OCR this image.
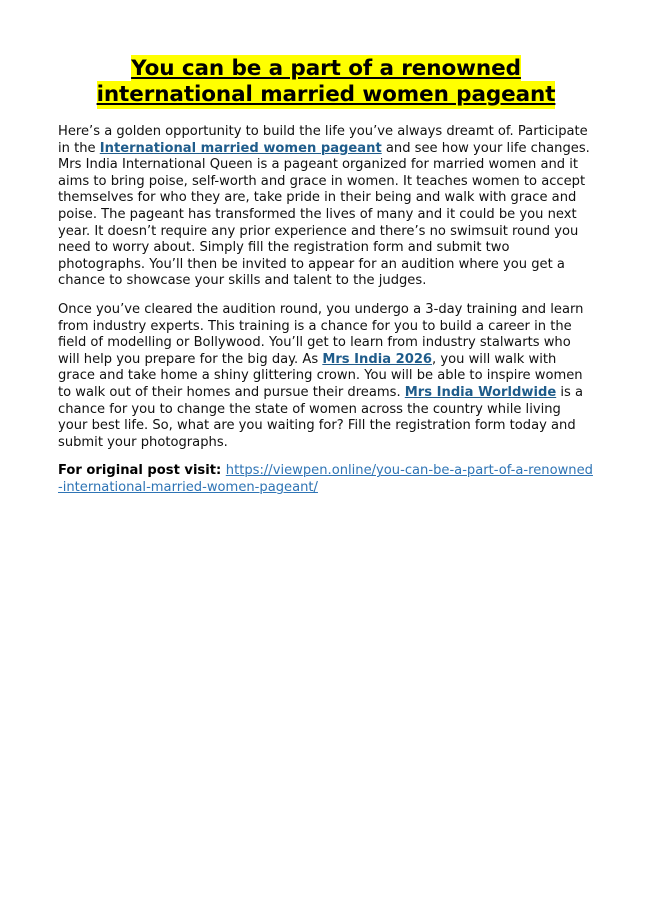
You can be a part of a renowned
international married women pageant

Here’s a golden opportunity to build the life you’ve always dreamt of. Participate in the International married women pageant and see how your life changes. Mrs India International Queen is a pageant organized for married women and it aims to bring poise, self-worth and grace in women. It teaches women to accept themselves for who they are, take pride in their being and walk with grace and poise. The pageant has transformed the lives of many and it could be you next year. It doesn’t require any prior experience and there’s no swimsuit round you need to worry about. Simply fill the registration form and submit two photographs. You’ll then be invited to appear for an audition where you get a chance to showcase your skills and talent to the judges.

Once you’ve cleared the audition round, you undergo a 3-day training and learn from industry experts. This training is a chance for you to build a career in the field of modelling or Bollywood. You’ll get to learn from industry stalwarts who will help you prepare for the big day. As Mrs India 2026, you will walk with grace and take home a shiny glittering crown. You will be able to inspire women to walk out of their homes and pursue their dreams. Mrs India Worldwide is a chance for you to change the state of women across the country while living your best life. So, what are you waiting for? Fill the registration form today and submit your photographs.

For original post visit: https://viewpen.online/you-can-be-a-part-of-a-renowned-international-married-women-pageant/
